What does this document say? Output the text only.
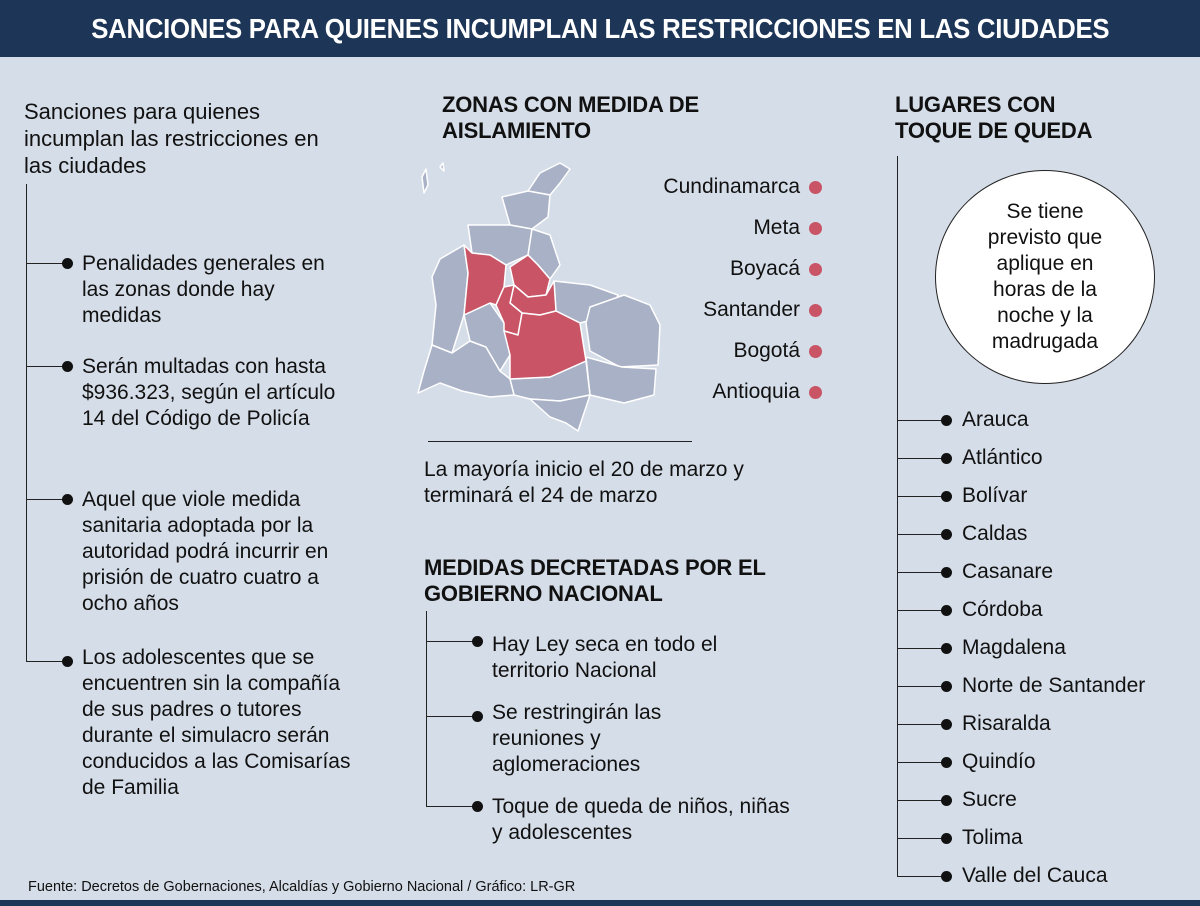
SANCIONES PARA QUIENES INCUMPLAN LAS RESTRICCIONES EN LAS CIUDADES
Sanciones para quienes incumplan las restricciones en las ciudades
Penalidades generales en las zonas donde hay medidas
Serán multadas con hasta $936.323, según el artículo 14 del Código de Policía
Aquel que viole medida sanitaria adoptada por la autoridad podrá incurrir en prisión de cuatro cuatro a ocho años
Los adolescentes que se encuentren sin la compañía de sus padres o tutores durante el simulacro serán conducidos a las Comisarías de Familia
ZONAS CON MEDIDA DE AISLAMIENTO
Cundinamarca
Meta
Boyacá
Santander
Bogotá
Antioquia
La mayoría inicio el 20 de marzo y terminará el 24 de marzo
MEDIDAS DECRETADAS POR EL GOBIERNO NACIONAL
Hay Ley seca en todo el territorio Nacional
Se restringirán las reuniones y aglomeraciones
Toque de queda de niños, niñas y adolescentes
LUGARES CON TOQUE DE QUEDA
Se tiene previsto que aplique en horas de la noche y la madrugada
Arauca
Atlántico
Bolívar
Caldas
Casanare
Córdoba
Magdalena
Norte de Santander
Risaralda
Quindío
Sucre
Tolima
Valle del Cauca
Fuente: Decretos de Gobernaciones, Alcaldías y Gobierno Nacional / Gráfico: LR-GR
